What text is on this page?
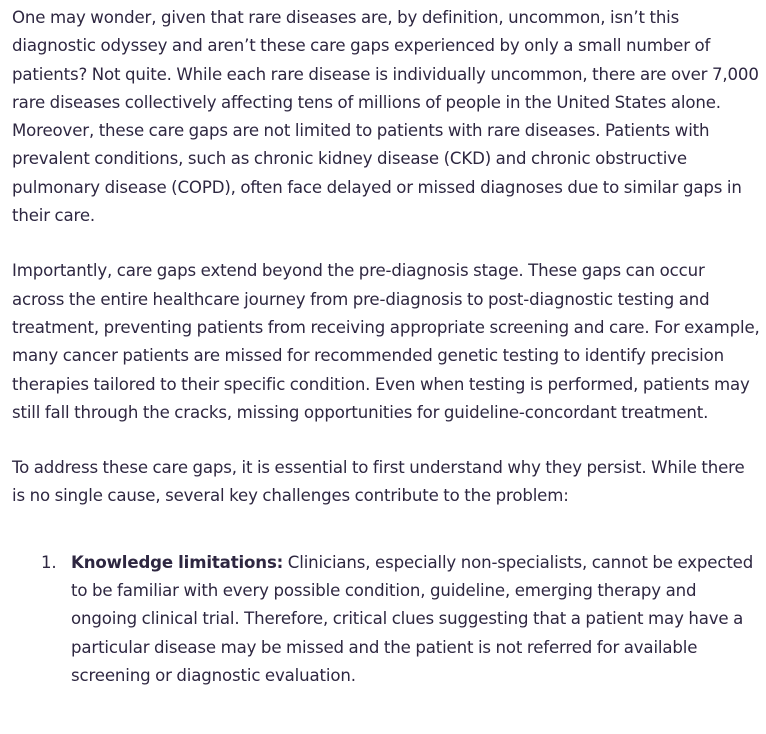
One may wonder, given that rare diseases are, by definition, uncommon, isn’t this diagnostic odyssey and aren’t these care gaps experienced by only a small number of patients? Not quite. While each rare disease is individually uncommon, there are over 7,000 rare diseases collectively affecting tens of millions of people in the United States alone. Moreover, these care gaps are not limited to patients with rare diseases. Patients with prevalent conditions, such as chronic kidney disease (CKD) and chronic obstructive pulmonary disease (COPD), often face delayed or missed diagnoses due to similar gaps in their care.

Importantly, care gaps extend beyond the pre-diagnosis stage. These gaps can occur across the entire healthcare journey from pre-diagnosis to post-diagnostic testing and treatment, preventing patients from receiving appropriate screening and care. For example, many cancer patients are missed for recommended genetic testing to identify precision therapies tailored to their specific condition. Even when testing is performed, patients may still fall through the cracks, missing opportunities for guideline-concordant treatment.

To address these care gaps, it is essential to first understand why they persist. While there is no single cause, several key challenges contribute to the problem:

1. Knowledge limitations: Clinicians, especially non-specialists, cannot be expected to be familiar with every possible condition, guideline, emerging therapy and ongoing clinical trial. Therefore, critical clues suggesting that a patient may have a particular disease may be missed and the patient is not referred for available screening or diagnostic evaluation.
